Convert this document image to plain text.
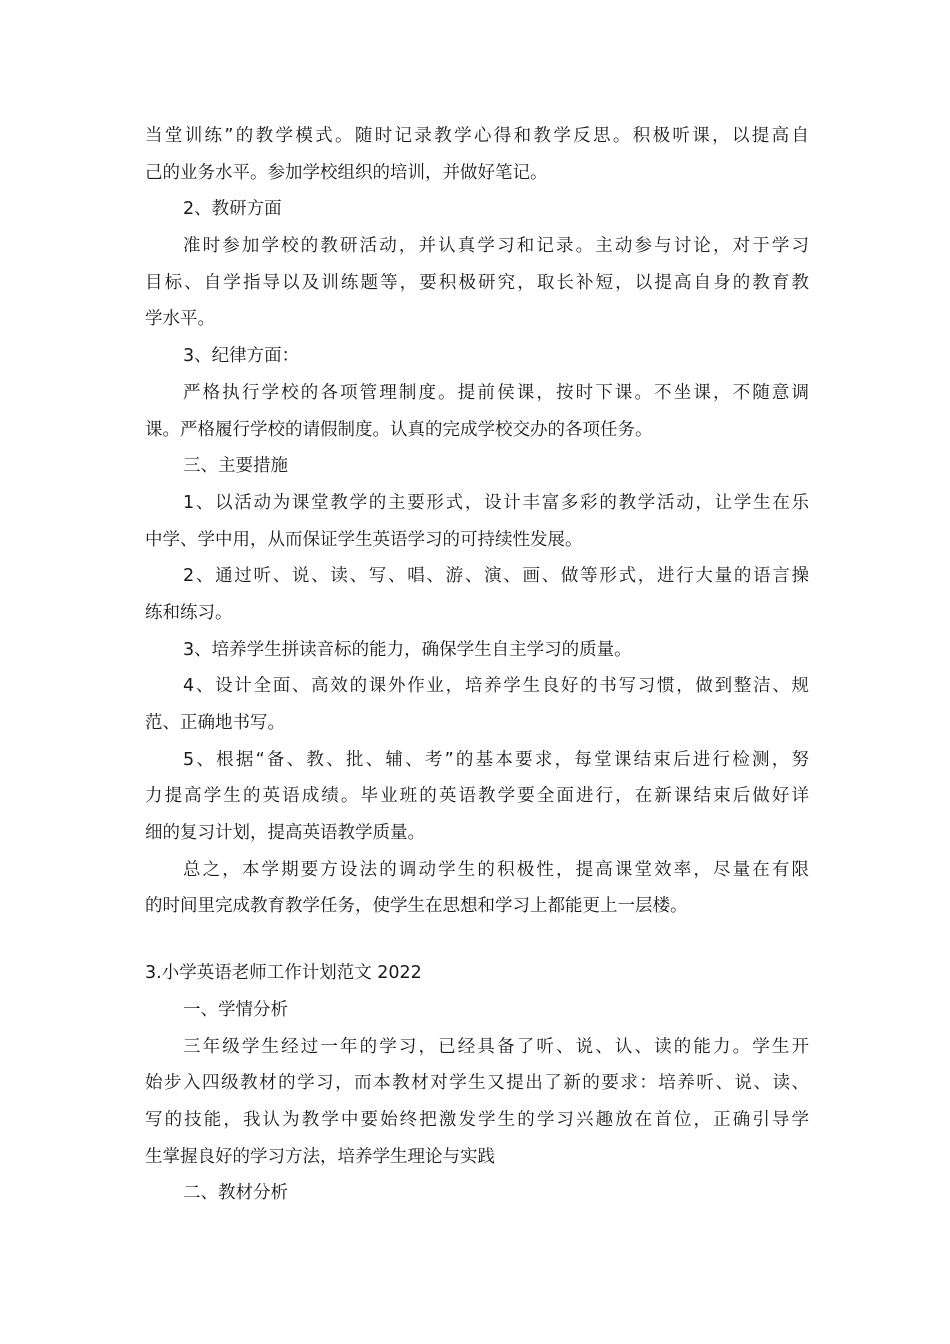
当堂训练”的教学模式。随时记录教学心得和教学反思。积极听课，以提高自
己的业务水平。参加学校组织的培训，并做好笔记。
2、教研方面
准时参加学校的教研活动，并认真学习和记录。主动参与讨论，对于学习
目标、自学指导以及训练题等，要积极研究，取长补短，以提高自身的教育教
学水平。
3、纪律方面：
严格执行学校的各项管理制度。提前侯课，按时下课。不坐课，不随意调
课。严格履行学校的请假制度。认真的完成学校交办的各项任务。
三、主要措施
1、以活动为课堂教学的主要形式，设计丰富多彩的教学活动，让学生在乐
中学、学中用，从而保证学生英语学习的可持续性发展。
2、通过听、说、读、写、唱、游、演、画、做等形式，进行大量的语言操
练和练习。
3、培养学生拼读音标的能力，确保学生自主学习的质量。
4、设计全面、高效的课外作业，培养学生良好的书写习惯，做到整洁、规
范、正确地书写。
5、根据“备、教、批、辅、考”的基本要求，每堂课结束后进行检测，努
力提高学生的英语成绩。毕业班的英语教学要全面进行，在新课结束后做好详
细的复习计划，提高英语教学质量。
总之，本学期要方设法的调动学生的积极性，提高课堂效率，尽量在有限
的时间里完成教育教学任务，使学生在思想和学习上都能更上一层楼。
3.小学英语老师工作计划范文 2022
一、学情分析
三年级学生经过一年的学习，已经具备了听、说、认、读的能力。学生开
始步入四级教材的学习，而本教材对学生又提出了新的要求：培养听、说、读、
写的技能，我认为教学中要始终把激发学生的学习兴趣放在首位，正确引导学
生掌握良好的学习方法，培养学生理论与实践
二、教材分析
